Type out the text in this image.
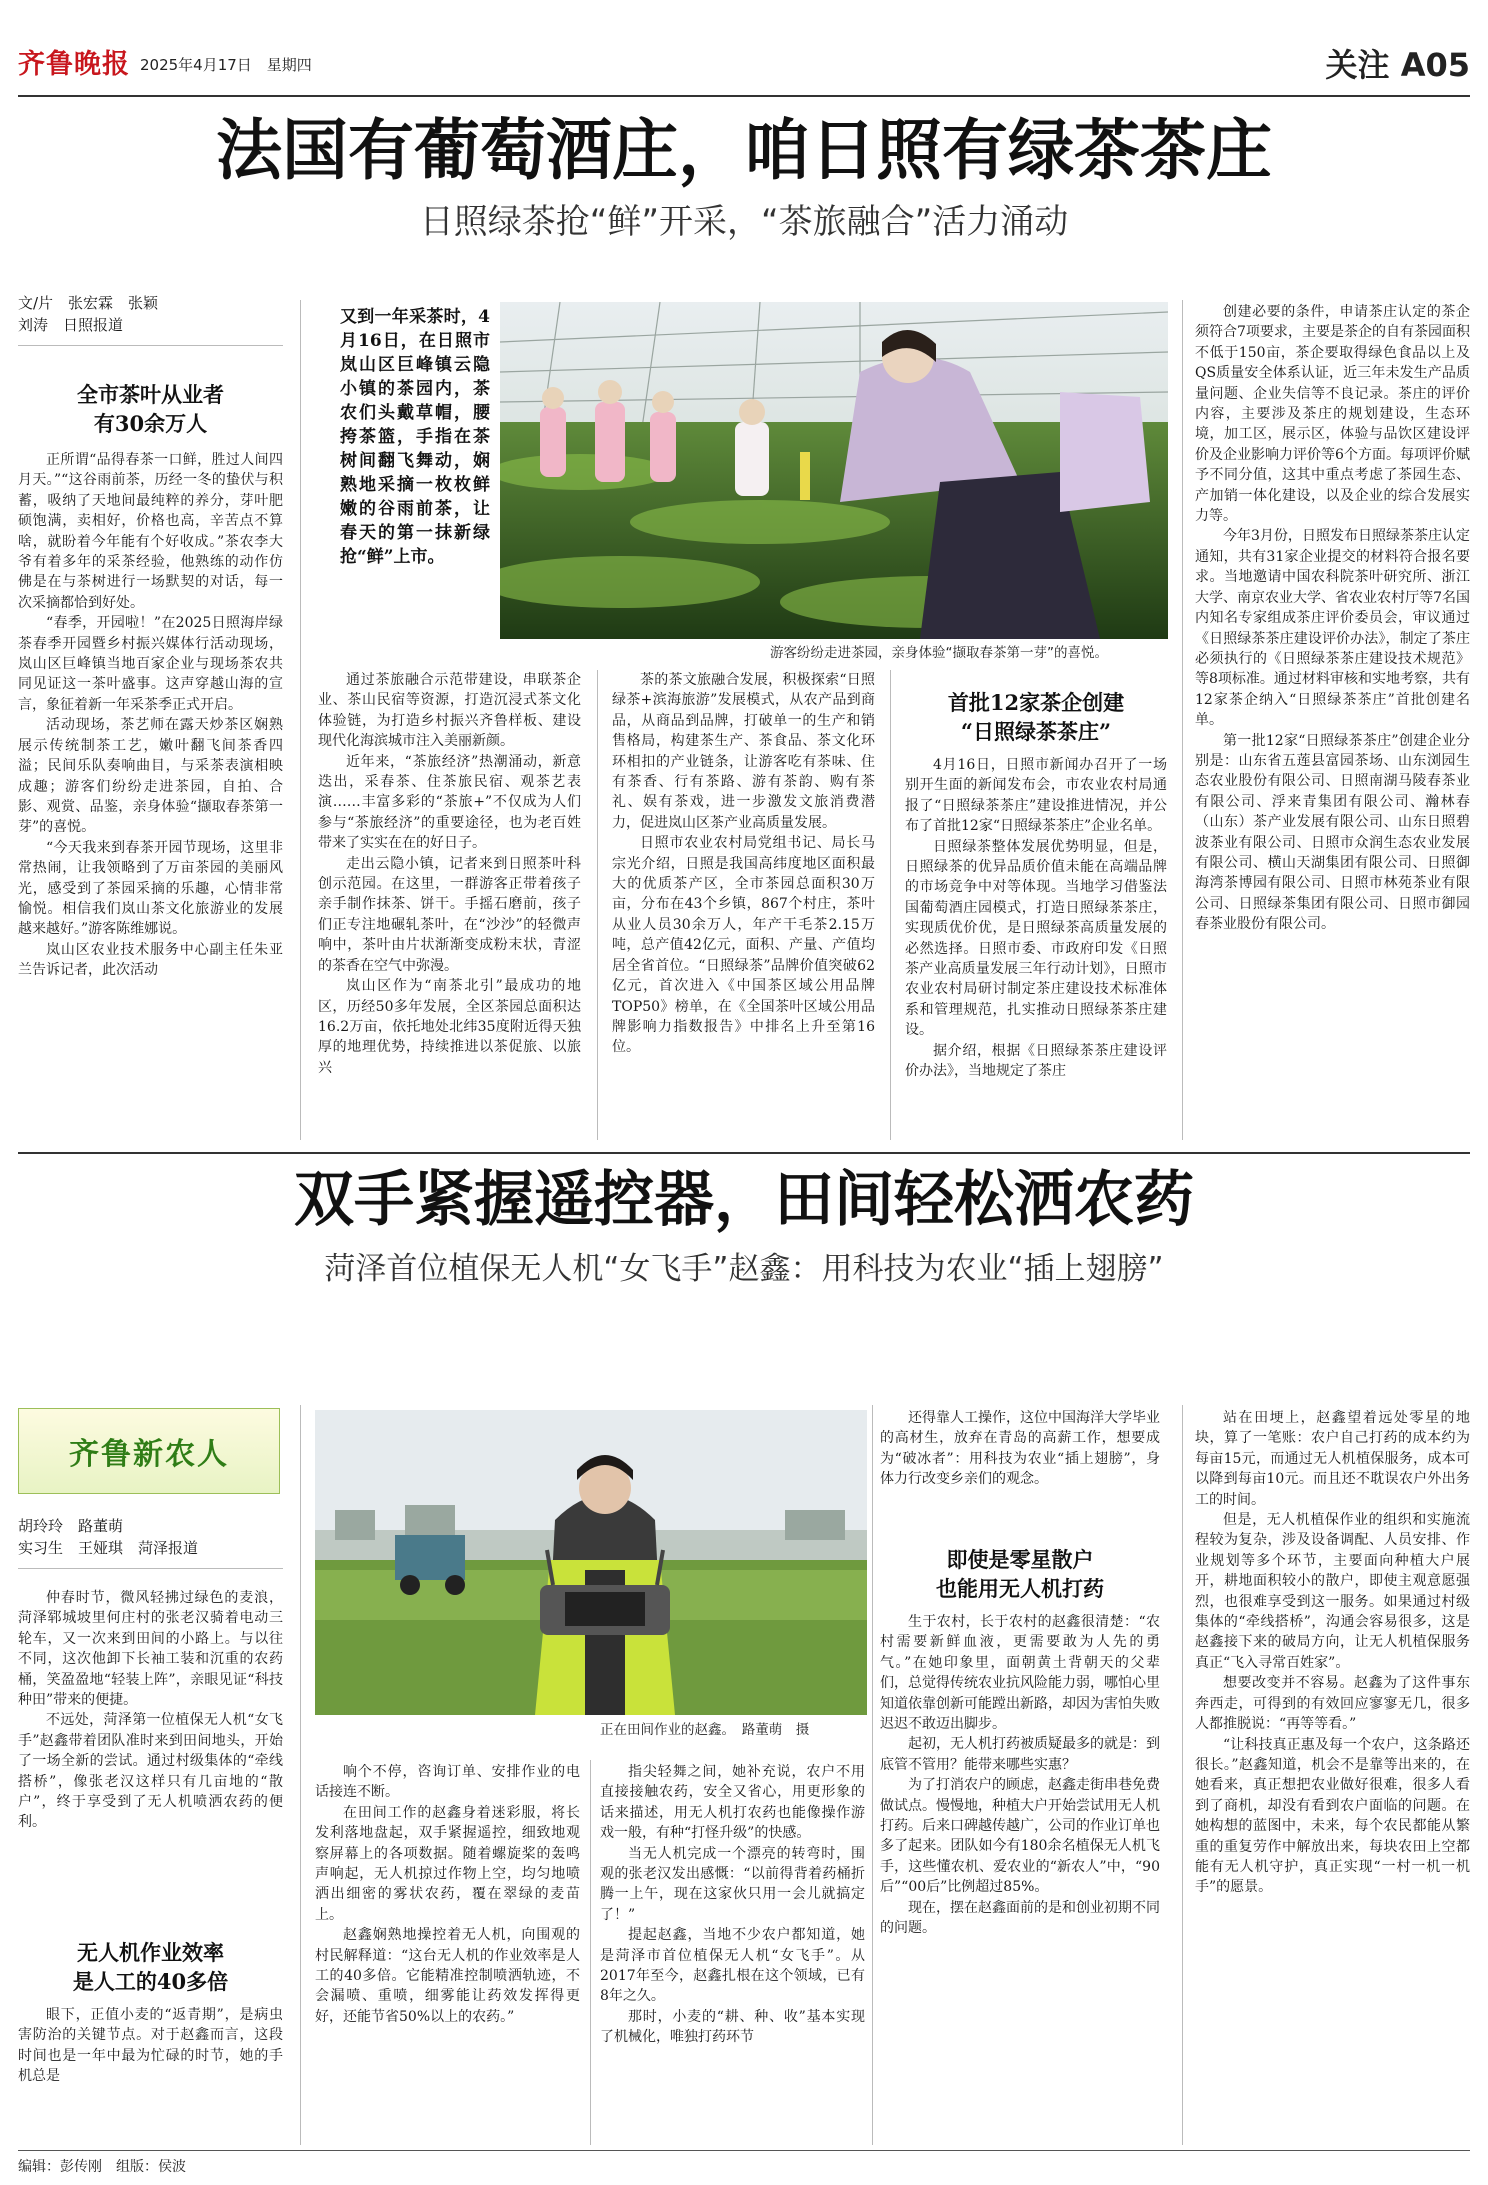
齐鲁晚报 2025年4月17日　星期四	关注 A05
法国有葡萄酒庄，咱日照有绿茶茶庄
日照绿茶抢“鲜”开采，“茶旅融合”活力涌动
文/片　张宏霖　张颖
刘涛　日照报道
全市茶叶从业者
有30余万人

正所谓“品得春茶一口鲜，胜过人间四月天。”“这谷雨前茶，历经一冬的蛰伏与积蓄，吸纳了天地间最纯粹的养分，芽叶肥硕饱满，卖相好，价格也高，辛苦点不算啥，就盼着今年能有个好收成。”茶农李大爷有着多年的采茶经验，他熟练的动作仿佛是在与茶树进行一场默契的对话，每一次采摘都恰到好处。

“春季，开园啦！”在2025日照海岸绿茶春季开园暨乡村振兴媒体行活动现场，岚山区巨峰镇当地百家企业与现场茶农共同见证这一茶叶盛事。这声穿越山海的宣言，象征着新一年采茶季正式开启。

活动现场，茶艺师在露天炒茶区娴熟展示传统制茶工艺，嫩叶翻飞间茶香四溢；民间乐队奏响曲目，与采茶表演相映成趣；游客们纷纷走进茶园，自拍、合影、观赏、品鉴，亲身体验“撷取春茶第一芽”的喜悦。

“今天我来到春茶开园节现场，这里非常热闹，让我领略到了万亩茶园的美丽风光，感受到了茶园采摘的乐趣，心情非常愉悦。相信我们岚山茶文化旅游业的发展越来越好。”游客陈维娜说。

岚山区农业技术服务中心副主任朱亚兰告诉记者，此次活动

又到一年采茶时，4月16日，在日照市岚山区巨峰镇云隐小镇的茶园内，茶农们头戴草帽，腰挎茶篮，手指在茶树间翻飞舞动，娴熟地采摘一枚枚鲜嫩的谷雨前茶，让春天的第一抹新绿抢“鲜”上市。
游客纷纷走进茶园，亲身体验“撷取春茶第一芽”的喜悦。

通过茶旅融合示范带建设，串联茶企业、茶山民宿等资源，打造沉浸式茶文化体验链，为打造乡村振兴齐鲁样板、建设现代化海滨城市注入美丽新颜。

近年来，“茶旅经济”热潮涌动，新意迭出，采春茶、住茶旅民宿、观茶艺表演……丰富多彩的“茶旅+”不仅成为人们参与“茶旅经济”的重要途径，也为老百姓带来了实实在在的好日子。

走出云隐小镇，记者来到日照茶叶科创示范园。在这里，一群游客正带着孩子亲手制作抹茶、饼干。手摇石磨前，孩子们正专注地碾轧茶叶，在“沙沙”的轻微声响中，茶叶由片状渐渐变成粉末状，青涩的茶香在空气中弥漫。

岚山区作为“南茶北引”最成功的地区，历经50多年发展，全区茶园总面积达16.2万亩，依托地处北纬35度附近得天独厚的地理优势，持续推进以茶促旅、以旅兴

茶的茶文旅融合发展，积极探索“日照绿茶+滨海旅游”发展模式，从农产品到商品，从商品到品牌，打破单一的生产和销售格局，构建茶生产、茶食品、茶文化环环相扣的产业链条，让游客吃有茶味、住有茶香、行有茶路、游有茶韵、购有茶礼、娱有茶戏，进一步激发文旅消费潜力，促进岚山区茶产业高质量发展。

日照市农业农村局党组书记、局长马宗光介绍，日照是我国高纬度地区面积最大的优质茶产区，全市茶园总面积30万亩，分布在43个乡镇，867个村庄，茶叶从业人员30余万人，年产干毛茶2.15万吨，总产值42亿元，面积、产量、产值均居全省首位。“日照绿茶”品牌价值突破62亿元，首次进入《中国茶区域公用品牌TOP50》榜单，在《全国茶叶区域公用品牌影响力指数报告》中排名上升至第16位。

首批12家茶企创建
“日照绿茶茶庄”

4月16日，日照市新闻办召开了一场别开生面的新闻发布会，市农业农村局通报了“日照绿茶茶庄”建设推进情况，并公布了首批12家“日照绿茶茶庄”企业名单。

日照绿茶整体发展优势明显，但是，日照绿茶的优异品质价值未能在高端品牌的市场竞争中对等体现。当地学习借鉴法国葡萄酒庄园模式，打造日照绿茶茶庄，实现质优价优，是日照绿茶高质量发展的必然选择。日照市委、市政府印发《日照茶产业高质量发展三年行动计划》，日照市农业农村局研讨制定茶庄建设技术标准体系和管理规范，扎实推动日照绿茶茶庄建设。

据介绍，根据《日照绿茶茶庄建设评价办法》，当地规定了茶庄

创建必要的条件，申请茶庄认定的茶企须符合7项要求，主要是茶企的自有茶园面积不低于150亩，茶企要取得绿色食品以上及QS质量安全体系认证，近三年未发生产品质量问题、企业失信等不良记录。茶庄的评价内容，主要涉及茶庄的规划建设，生态环境，加工区，展示区，体验与品饮区建设评价及企业影响力评价等6个方面。每项评价赋予不同分值，这其中重点考虑了茶园生态、产加销一体化建设，以及企业的综合发展实力等。

今年3月份，日照发布日照绿茶茶庄认定通知，共有31家企业提交的材料符合报名要求。当地邀请中国农科院茶叶研究所、浙江大学、南京农业大学、省农业农村厅等7名国内知名专家组成茶庄评价委员会，审议通过《日照绿茶茶庄建设评价办法》，制定了茶庄必须执行的《日照绿茶茶庄建设技术规范》等8项标准。通过材料审核和实地考察，共有12家茶企纳入“日照绿茶茶庄”首批创建名单。

第一批12家“日照绿茶茶庄”创建企业分别是：山东省五莲县富园茶场、山东浏园生态农业股份有限公司、日照南湖马陵春茶业有限公司、浮来青集团有限公司、瀚林春（山东）茶产业发展有限公司、山东日照碧波茶业有限公司、日照市众润生态农业发展有限公司、横山天湖集团有限公司、日照御海湾茶博园有限公司、日照市林苑茶业有限公司、日照绿茶集团有限公司、日照市御园春茶业股份有限公司。

双手紧握遥控器，田间轻松洒农药
菏泽首位植保无人机“女飞手”赵鑫：用科技为农业“插上翅膀”
齐鲁新农人
胡玲玲　路董萌
实习生　王娅琪　菏泽报道

仲春时节，微风轻拂过绿色的麦浪，菏泽郓城坡里何庄村的张老汉骑着电动三轮车，又一次来到田间的小路上。与以往不同，这次他卸下长袖工装和沉重的农药桶，笑盈盈地“轻装上阵”，亲眼见证“科技种田”带来的便捷。

不远处，菏泽第一位植保无人机“女飞手”赵鑫带着团队准时来到田间地头，开始了一场全新的尝试。通过村级集体的“牵线搭桥”，像张老汉这样只有几亩地的“散户”，终于享受到了无人机喷洒农药的便利。

无人机作业效率
是人工的40多倍

眼下，正值小麦的“返青期”，是病虫害防治的关键节点。对于赵鑫而言，这段时间也是一年中最为忙碌的时节，她的手机总是

正在田间作业的赵鑫。　路董萌　摄

响个不停，咨询订单、安排作业的电话接连不断。

在田间工作的赵鑫身着迷彩服，将长发利落地盘起，双手紧握遥控，细致地观察屏幕上的各项数据。随着螺旋桨的轰鸣声响起，无人机掠过作物上空，均匀地喷洒出细密的雾状农药，覆在翠绿的麦苗上。

赵鑫娴熟地操控着无人机，向围观的村民解释道：“这台无人机的作业效率是人工的40多倍。它能精准控制喷洒轨迹，不会漏喷、重喷，细雾能让药效发挥得更好，还能节省50%以上的农药。”

还得靠人工操作，这位中国海洋大学毕业的高材生，放弃在青岛的高薪工作，想要成为“破冰者”：用科技为农业“插上翅膀”，身体力行改变乡亲们的观念。

指尖轻舞之间，她补充说，农户不用直接接触农药，安全又省心，用更形象的话来描述，用无人机打农药也能像操作游戏一般，有种“打怪升级”的快感。

当无人机完成一个漂亮的转弯时，围观的张老汉发出感慨：“以前得背着药桶折腾一上午，现在这家伙只用一会儿就搞定了！”

提起赵鑫，当地不少农户都知道，她是菏泽市首位植保无人机“女飞手”。从2017年至今，赵鑫扎根在这个领域，已有8年之久。

那时，小麦的“耕、种、收”基本实现了机械化，唯独打药环节

即使是零星散户
也能用无人机打药

生于农村，长于农村的赵鑫很清楚：“农村需要新鲜血液，更需要敢为人先的勇气。”在她印象里，面朝黄土背朝天的父辈们，总觉得传统农业抗风险能力弱，哪怕心里知道依靠创新可能蹚出新路，却因为害怕失败迟迟不敢迈出脚步。

起初，无人机打药被质疑最多的就是：到底管不管用？能带来哪些实惠？

为了打消农户的顾虑，赵鑫走街串巷免费做试点。慢慢地，种植大户开始尝试用无人机打药。后来口碑越传越广，公司的作业订单也多了起来。团队如今有180余名植保无人机飞手，这些懂农机、爱农业的“新农人”中，“90后”“00后”比例超过85%。

现在，摆在赵鑫面前的是和创业初期不同的问题。

站在田埂上，赵鑫望着远处零星的地块，算了一笔账：农户自己打药的成本约为每亩15元，而通过无人机植保服务，成本可以降到每亩10元。而且还不耽误农户外出务工的时间。

但是，无人机植保作业的组织和实施流程较为复杂，涉及设备调配、人员安排、作业规划等多个环节，主要面向种植大户展开，耕地面积较小的散户，即使主观意愿强烈，也很难享受到这一服务。如果通过村级集体的“牵线搭桥”，沟通会容易很多，这是赵鑫接下来的破局方向，让无人机植保服务真正“飞入寻常百姓家”。

想要改变并不容易。赵鑫为了这件事东奔西走，可得到的有效回应寥寥无几，很多人都推脱说：“再等等看。”

“让科技真正惠及每一个农户，这条路还很长。”赵鑫知道，机会不是靠等出来的，在她看来，真正想把农业做好很难，很多人看到了商机，却没有看到农户面临的问题。在她构想的蓝图中，未来，每个农民都能从繁重的重复劳作中解放出来，每块农田上空都能有无人机守护，真正实现“一村一机一机手”的愿景。

编辑：彭传刚　组版：侯波
